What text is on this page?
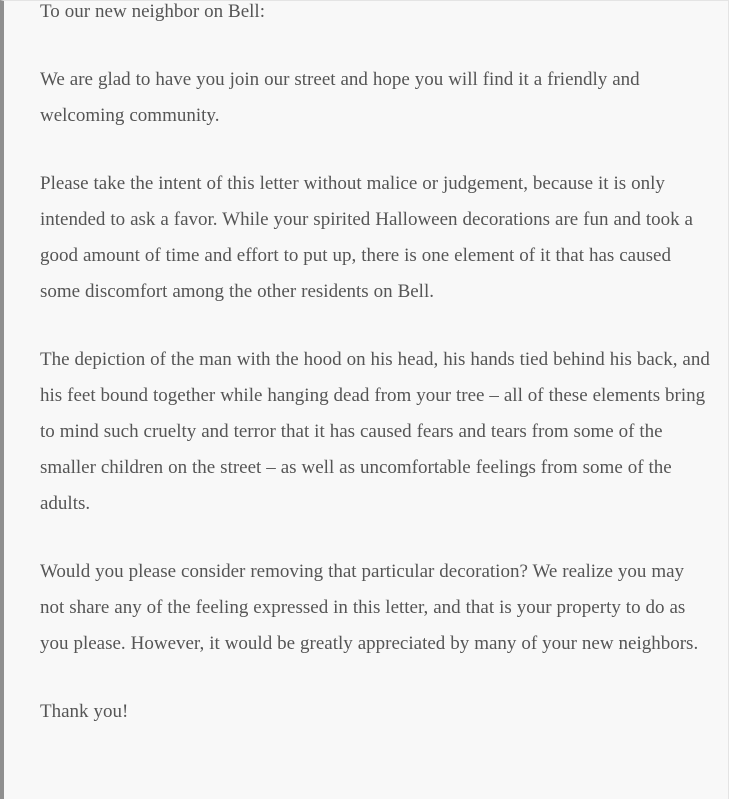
To our new neighbor on Bell:

We are glad to have you join our street and hope you will find it a friendly and welcoming community.

Please take the intent of this letter without malice or judgement, because it is only intended to ask a favor. While your spirited Halloween decorations are fun and took a good amount of time and effort to put up, there is one element of it that has caused some discomfort among the other residents on Bell.

The depiction of the man with the hood on his head, his hands tied behind his back, and his feet bound together while hanging dead from your tree – all of these elements bring to mind such cruelty and terror that it has caused fears and tears from some of the smaller children on the street – as well as uncomfortable feelings from some of the adults.

Would you please consider removing that particular decoration? We realize you may not share any of the feeling expressed in this letter, and that is your property to do as you please. However, it would be greatly appreciated by many of your new neighbors.

Thank you!
